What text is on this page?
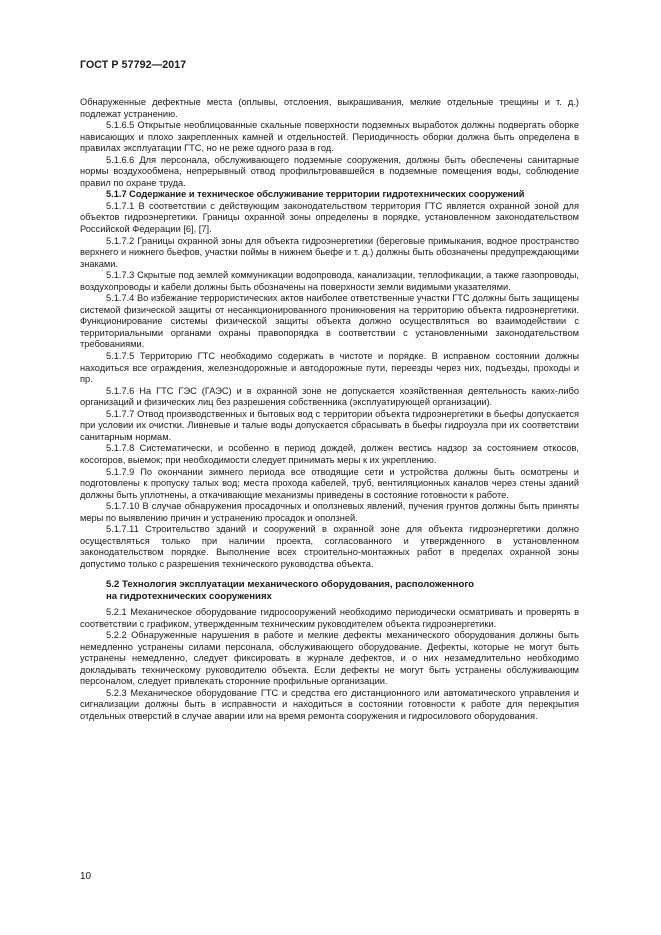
ГОСТ Р 57792—2017

Обнаруженные дефектные места (оплывы, отслоения, выкрашивания, мелкие отдельные трещины и т. д.) подлежат устранению.

5.1.6.5 Открытые необлицованные скальные поверхности подземных выработок должны подвергать оборке нависающих и плохо закрепленных камней и отдельностей. Периодичность оборки должна быть определена в правилах эксплуатации ГТС, но не реже одного раза в год.

5.1.6.6 Для персонала, обслуживающего подземные сооружения, должны быть обеспечены санитарные нормы воздухообмена, непрерывный отвод профильтровавшейся в подземные помещения воды, соблюдение правил по охране труда.

5.1.7 Содержание и техническое обслуживание территории гидротехнических сооружений

5.1.7.1 В соответствии с действующим законодательством территория ГТС является охранной зоной для объектов гидроэнергетики. Границы охранной зоны определены в порядке, установленном законодательством Российской Федерации [6], [7].

5.1.7.2 Границы охранной зоны для объекта гидроэнергетики (береговые примыкания, водное пространство верхнего и нижнего бьефов, участки поймы в нижнем бьефе и т. д.) должны быть обозначены предупреждающими знаками.

5.1.7.3 Скрытые под землей коммуникации водопровода, канализации, теплофикации, а также газопроводы, воздухопроводы и кабели должны быть обозначены на поверхности земли видимыми указателями.

5.1.7.4 Во избежание террористических актов наиболее ответственные участки ГТС должны быть защищены системой физической защиты от несанкционированного проникновения на территорию объекта гидроэнергетики. Функционирование системы физической защиты объекта должно осуществляться во взаимодействии с территориальными органами охраны правопорядка в соответствии с установленными законодательством требованиями.

5.1.7.5 Территорию ГТС необходимо содержать в чистоте и порядке. В исправном состоянии должны находиться все ограждения, железнодорожные и автодорожные пути, переезды через них, подъезды, проходы и пр.

5.1.7.6 На ГТС ГЭС (ГАЭС) и в охранной зоне не допускается хозяйственная деятельность каких-либо организаций и физических лиц без разрешения собственника (эксплуатирующей организации).

5.1.7.7 Отвод производственных и бытовых вод с территории объекта гидроэнергетики в бьефы допускается при условии их очистки. Ливневые и талые воды допускается сбрасывать в бьефы гидроузла при их соответствии санитарным нормам.

5.1.7.8 Систематически, и особенно в период дождей, должен вестись надзор за состоянием откосов, косогоров, выемок; при необходимости следует принимать меры к их укреплению.

5.1.7.9 По окончании зимнего периода все отводящие сети и устройства должны быть осмотрены и подготовлены к пропуску талых вод; места прохода кабелей, труб, вентиляционных каналов через стены зданий должны быть уплотнены, а откачивающие механизмы приведены в состояние готовности к работе.

5.1.7.10 В случае обнаружения просадочных и оползневых явлений, пучения грунтов должны быть приняты меры по выявлению причин и устранению просадок и оползней.

5.1.7.11 Строительство зданий и сооружений в охранной зоне для объекта гидроэнергетики должно осуществляться только при наличии проекта, согласованного и утвержденного в установленном законодательством порядке. Выполнение всех строительно-монтажных работ в пределах охранной зоны допустимо только с разрешения технического руководства объекта.

5.2 Технология эксплуатации механического оборудования, расположенного
на гидротехнических сооружениях

5.2.1 Механическое оборудование гидросооружений необходимо периодически осматривать и проверять в соответствии с графиком, утвержденным техническим руководителем объекта гидроэнергетики.

5.2.2 Обнаруженные нарушения в работе и мелкие дефекты механического оборудования должны быть немедленно устранены силами персонала, обслуживающего оборудование. Дефекты, которые не могут быть устранены немедленно, следует фиксировать в журнале дефектов, и о них незамедлительно необходимо докладывать техническому руководителю объекта. Если дефекты не могут быть устранены обслуживающим персоналом, следует привлекать сторонние профильные организации.

5.2.3 Механическое оборудование ГТС и средства его дистанционного или автоматического управления и сигнализации должны быть в исправности и находиться в состоянии готовности к работе для перекрытия отдельных отверстий в случае аварии или на время ремонта сооружения и гидросилового оборудования.

10
